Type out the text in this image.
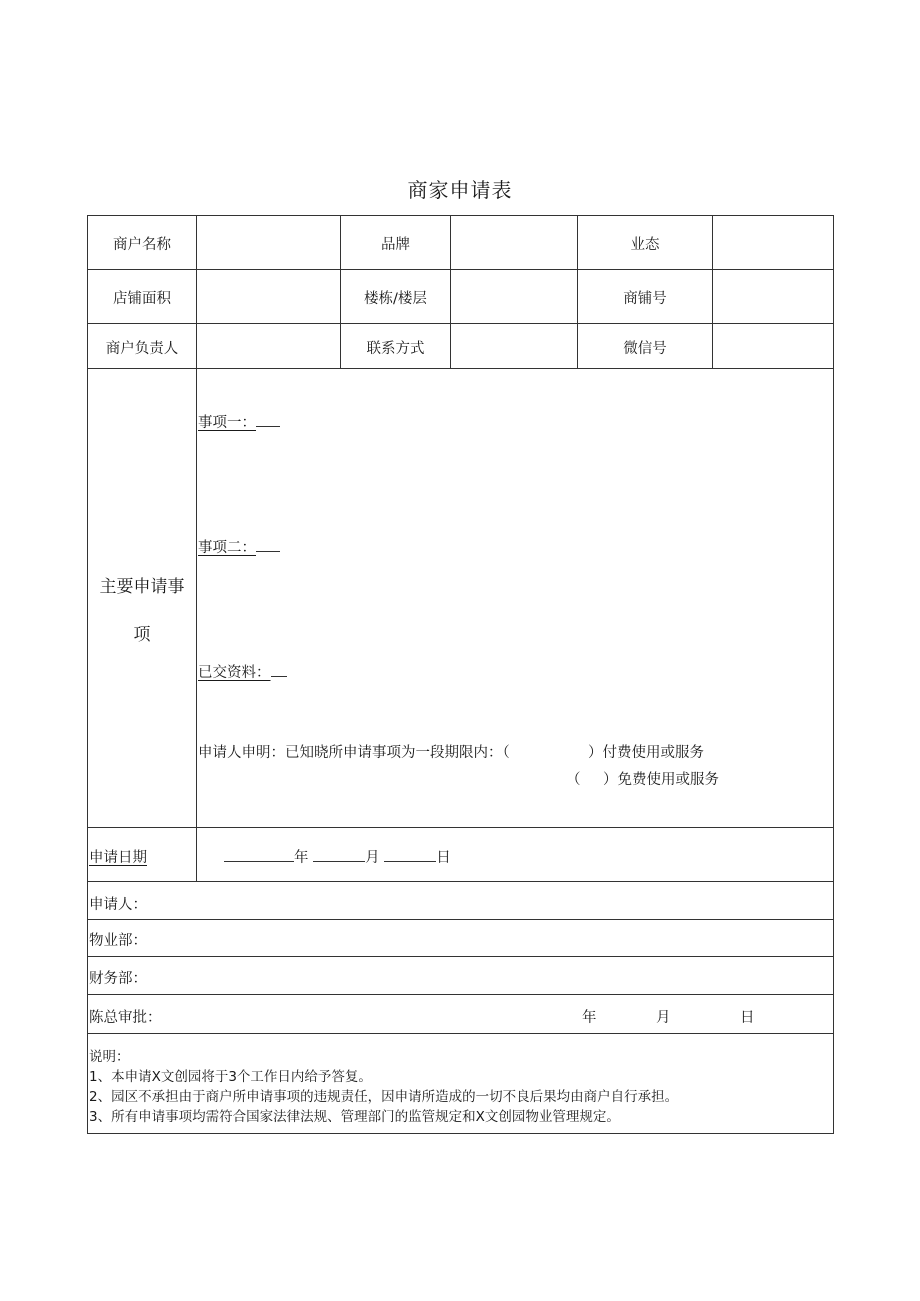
商家申请表
商户名称	品牌	业态
店铺面积	楼栋/楼层	商铺号
商户负责人	联系方式	微信号
主要申请事
项
事项一：
事项二：
已交资料：
申请人申明：已知晓所申请事项为一段期限内：（	）付费使用或服务
（ ）免费使用或服务
申请日期	年	月	日
申请人：
物业部：
财务部：
陈总审批：	年	月	日
说明：
1、本申请X文创园将于3个工作日内给予答复。
2、园区不承担由于商户所申请事项的违规责任，因申请所造成的一切不良后果均由商户自行承担。
3、所有申请事项均需符合国家法律法规、管理部门的监管规定和X文创园物业管理规定。
